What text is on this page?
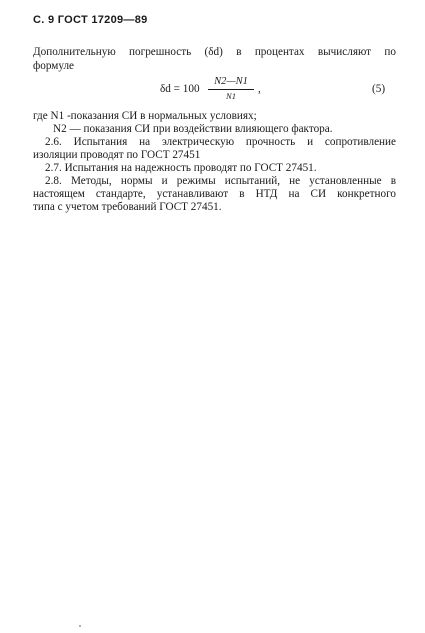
С. 9 ГОСТ 17209—89
Дополнительную погрешность (δd) в процентах вычисляют по
формуле
δd = 100
N2—N1
N1
,	(5)
где N1 -показания СИ в нормальных условиях;
N2 — показания СИ при воздействии влияющего фактора.
2.6. Испытания на электрическую прочность и сопротивление
изоляции проводят по ГОСТ 27451
2.7. Испытания на надежность проводят по ГОСТ 27451.
2.8. Методы, нормы и режимы испытаний, не установленные в
настоящем стандарте, устанавливают в НТД на СИ конкретного
типа с учетом требований ГОСТ 27451.
